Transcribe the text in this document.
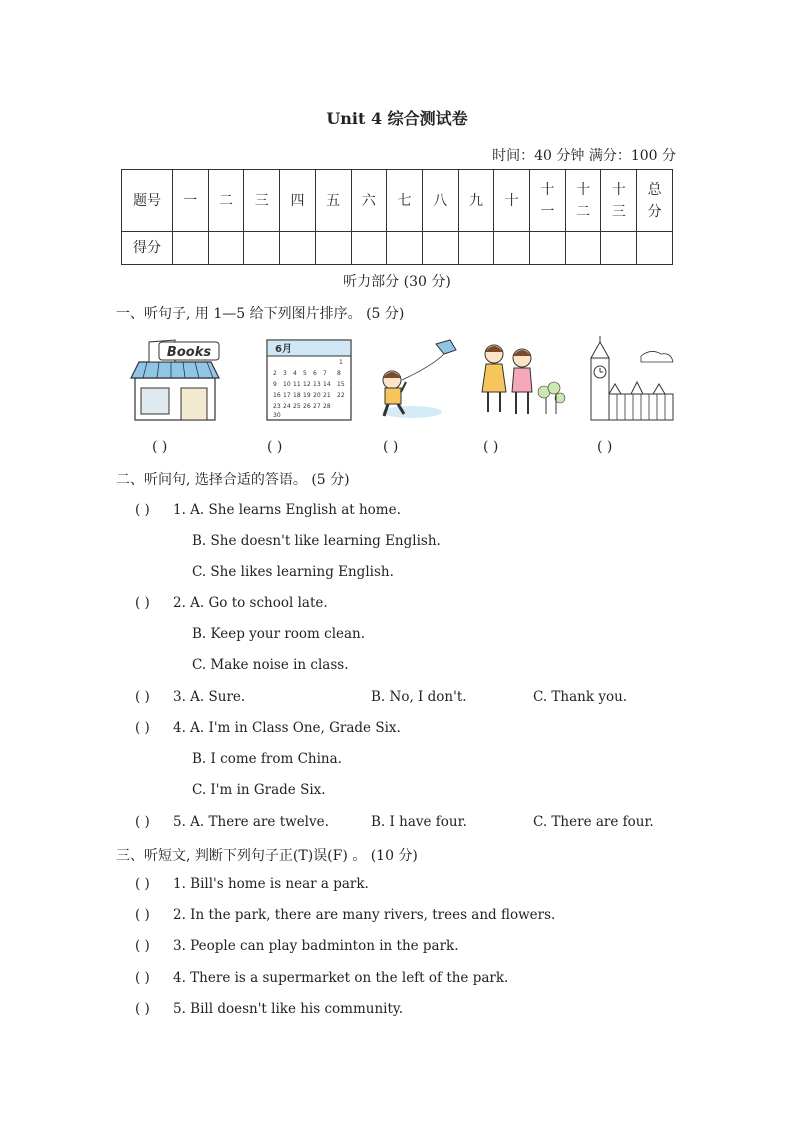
Unit 4 综合测试卷
时间：40 分钟 满分：100 分
题号	一	二	三	四	五	六	七	八	九	十	十一	十二	十三	总分
得分														
听力部分 (30 分)
一、听句子, 用 1—5 给下列图片排序。 (5 分)
Books	6月
1
2 3 4 5 6 7 8
9 10 11 12 13 14 15
16 17 18 19 20 21 22
23 24 25 26 27 28
30
( )	( )	( )	( )	( )
二、听问句, 选择合适的答语。 (5 分)
( ) 1. A. She learns English at home.
B. She doesn't like learning English.
C. She likes learning English.
( ) 2. A. Go to school late.
B. Keep your room clean.
C. Make noise in class.
( ) 3. A. Sure.	B. No, I don't.	C. Thank you.
( ) 4. A. I'm in Class One, Grade Six.
B. I come from China.
C. I'm in Grade Six.
( ) 5. A. There are twelve.	B. I have four.	C. There are four.
三、听短文, 判断下列句子正(T)误(F) 。 (10 分)
( ) 1. Bill's home is near a park.
( ) 2. In the park, there are many rivers, trees and flowers.
( ) 3. People can play badminton in the park.
( ) 4. There is a supermarket on the left of the park.
( ) 5. Bill doesn't like his community.
